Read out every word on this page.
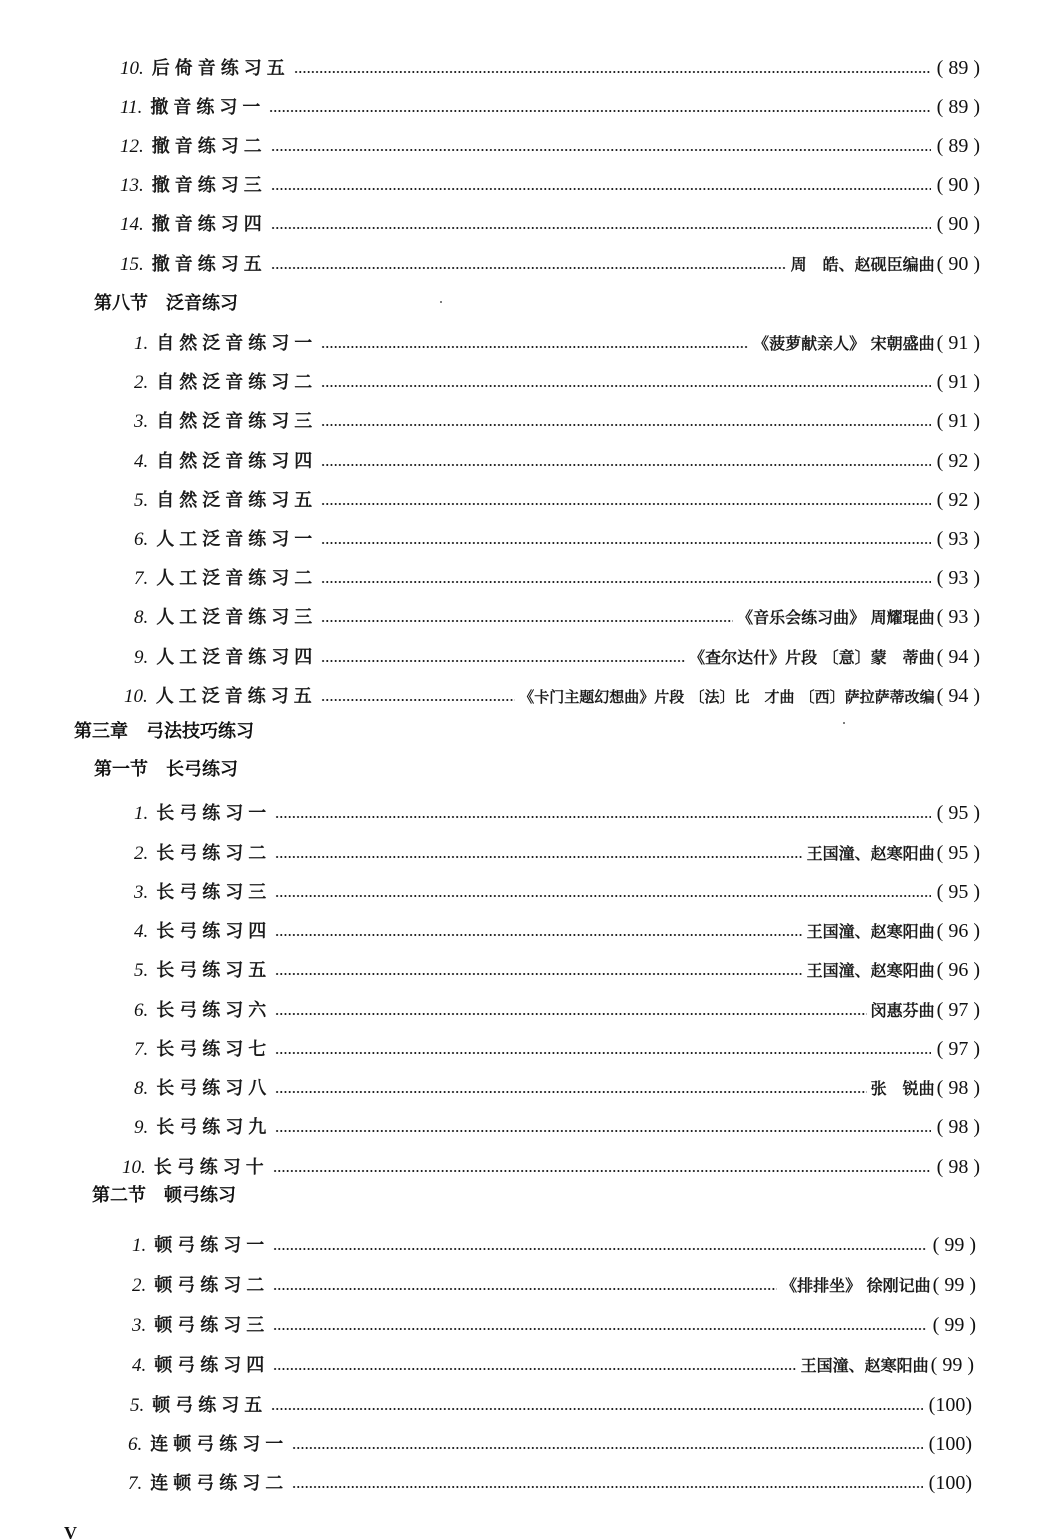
10. 后倚音练习五	( 89 )
11. 撤音练习一	( 89 )
12. 撤音练习二	( 89 )
13. 撤音练习三	( 90 )
14. 撤音练习四	( 90 )
15. 撤音练习五	周　皓、赵砚臣编曲 ( 90 )
第八节　泛音练习
1. 自然泛音练习一	《菠萝献亲人》 宋朝盛曲 ( 91 )
2. 自然泛音练习二	( 91 )
3. 自然泛音练习三	( 91 )
4. 自然泛音练习四	( 92 )
5. 自然泛音练习五	( 92 )
6. 人工泛音练习一	( 93 )
7. 人工泛音练习二	( 93 )
8. 人工泛音练习三	《音乐会练习曲》 周耀琨曲 ( 93 )
9. 人工泛音练习四	《查尔达什》片段 〔意〕蒙　蒂曲 ( 94 )
10. 人工泛音练习五	《卡门主题幻想曲》片段 〔法〕比　才曲 〔西〕萨拉萨蒂改编 ( 94 )
第三章　弓法技巧练习
第一节　长弓练习
1. 长弓练习一	( 95 )
2. 长弓练习二	王国潼、赵寒阳曲 ( 95 )
3. 长弓练习三	( 95 )
4. 长弓练习四	王国潼、赵寒阳曲 ( 96 )
5. 长弓练习五	王国潼、赵寒阳曲 ( 96 )
6. 长弓练习六	闵惠芬曲 ( 97 )
7. 长弓练习七	( 97 )
8. 长弓练习八	张　锐曲 ( 98 )
9. 长弓练习九	( 98 )
10. 长弓练习十	( 98 )
第二节　顿弓练习
1. 顿弓练习一	( 99 )
2. 顿弓练习二	《排排坐》 徐刚记曲 ( 99 )
3. 顿弓练习三	( 99 )
4. 顿弓练习四	王国潼、赵寒阳曲 ( 99 )
5. 顿弓练习五	(100)
6. 连顿弓练习一	(100)
7. 连顿弓练习二	(100)
V
